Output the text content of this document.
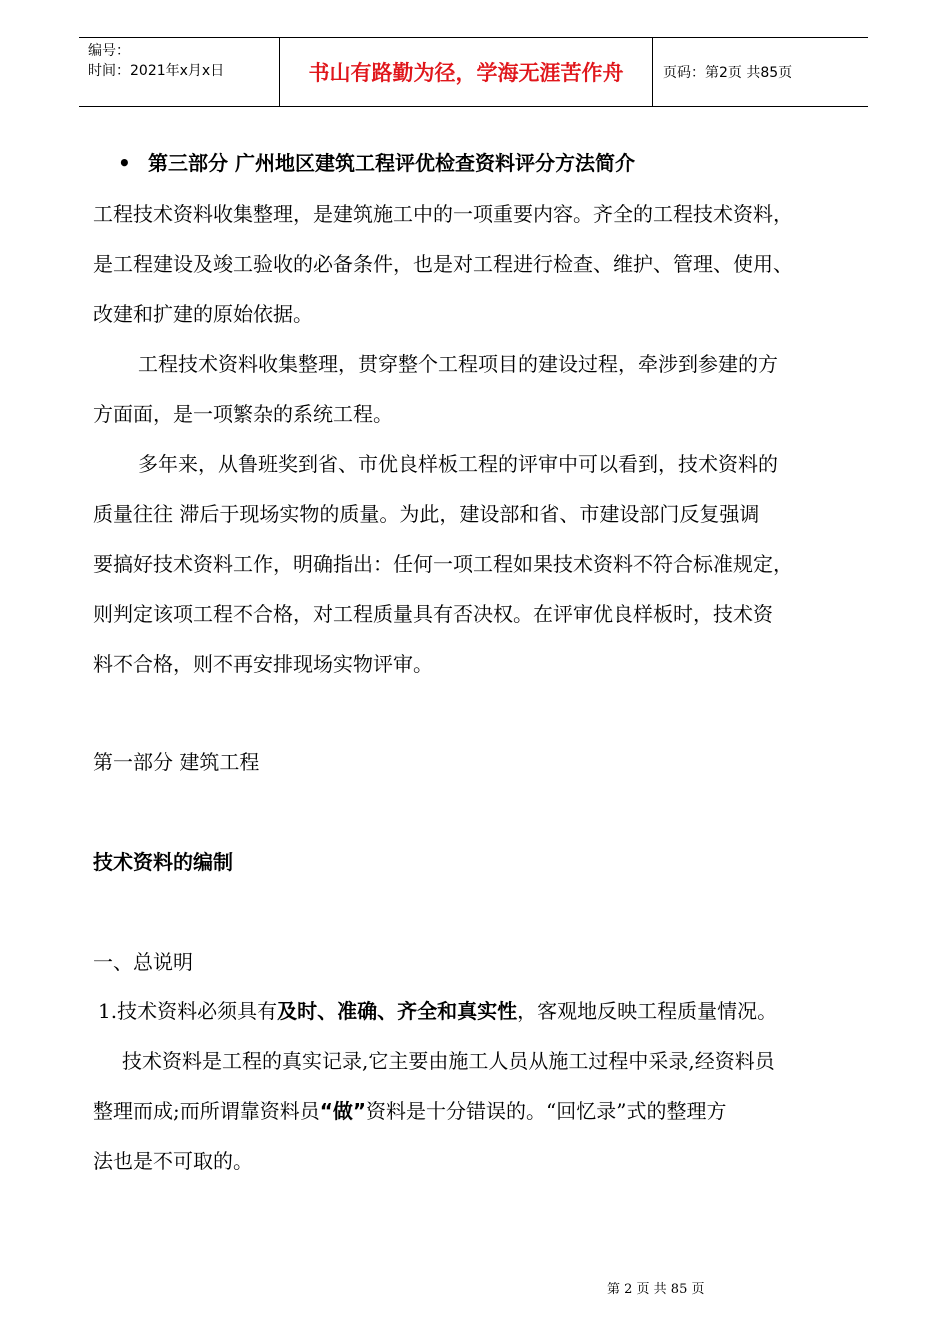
编号：
时间：2021年x月x日	书山有路勤为径，学海无涯苦作舟	页码：第2页 共85页
• 第三部分 广州地区建筑工程评优检查资料评分方法简介
工程技术资料收集整理，是建筑施工中的一项重要内容。齐全的工程技术资料，
是工程建设及竣工验收的必备条件，也是对工程进行检查、维护、管理、使用、
改建和扩建的原始依据。
工程技术资料收集整理，贯穿整个工程项目的建设过程，牵涉到参建的方
方面面，是一项繁杂的系统工程。
多年来，从鲁班奖到省、市优良样板工程的评审中可以看到，技术资料的
质量往往 滞后于现场实物的质量。为此，建设部和省、市建设部门反复强调
要搞好技术资料工作，明确指出：任何一项工程如果技术资料不符合标准规定，
则判定该项工程不合格，对工程质量具有否决权。在评审优良样板时，技术资
料不合格，则不再安排现场实物评审。
第一部分 建筑工程
技术资料的编制
一、总说明
1.技术资料必须具有及时、准确、齐全和真实性，客观地反映工程质量情况。
技术资料是工程的真实记录,它主要由施工人员从施工过程中采录,经资料员
整理而成;而所谓靠资料员“做”资料是十分错误的。“回忆录”式的整理方
法也是不可取的。
第 2 页 共 85 页
